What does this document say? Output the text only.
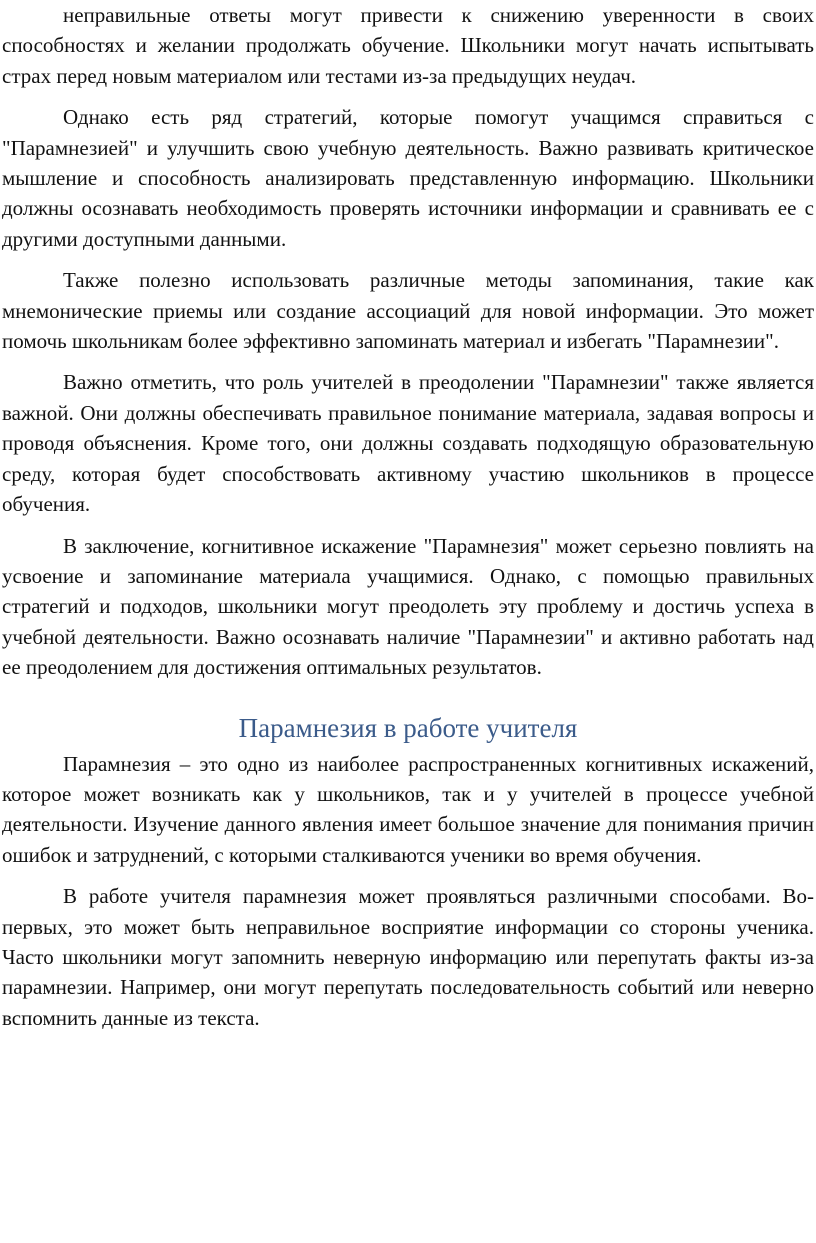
неправильные ответы могут привести к снижению уверенности в своих способностях и желании продолжать обучение. Школьники могут начать испытывать страх перед новым материалом или тестами из-за предыдущих неудач.

Однако есть ряд стратегий, которые помогут учащимся справиться с "Парамнезией" и улучшить свою учебную деятельность. Важно развивать критическое мышление и способность анализировать представленную информацию. Школьники должны осознавать необходимость проверять источники информации и сравнивать ее с другими доступными данными.

Также полезно использовать различные методы запоминания, такие как мнемонические приемы или создание ассоциаций для новой информации. Это может помочь школьникам более эффективно запоминать материал и избегать "Парамнезии".

Важно отметить, что роль учителей в преодолении "Парамнезии" также является важной. Они должны обеспечивать правильное понимание материала, задавая вопросы и проводя объяснения. Кроме того, они должны создавать подходящую образовательную среду, которая будет способствовать активному участию школьников в процессе обучения.

В заключение, когнитивное искажение "Парамнезия" может серьезно повлиять на усвоение и запоминание материала учащимися. Однако, с помощью правильных стратегий и подходов, школьники могут преодолеть эту проблему и достичь успеха в учебной деятельности. Важно осознавать наличие "Парамнезии" и активно работать над ее преодолением для достижения оптимальных результатов.

Парамнезия в работе учителя

Парамнезия – это одно из наиболее распространенных когнитивных искажений, которое может возникать как у школьников, так и у учителей в процессе учебной деятельности. Изучение данного явления имеет большое значение для понимания причин ошибок и затруднений, с которыми сталкиваются ученики во время обучения.

В работе учителя парамнезия может проявляться различными способами. Во-первых, это может быть неправильное восприятие информации со стороны ученика. Часто школьники могут запомнить неверную информацию или перепутать факты из-за парамнезии. Например, они могут перепутать последовательность событий или неверно вспомнить данные из текста.
